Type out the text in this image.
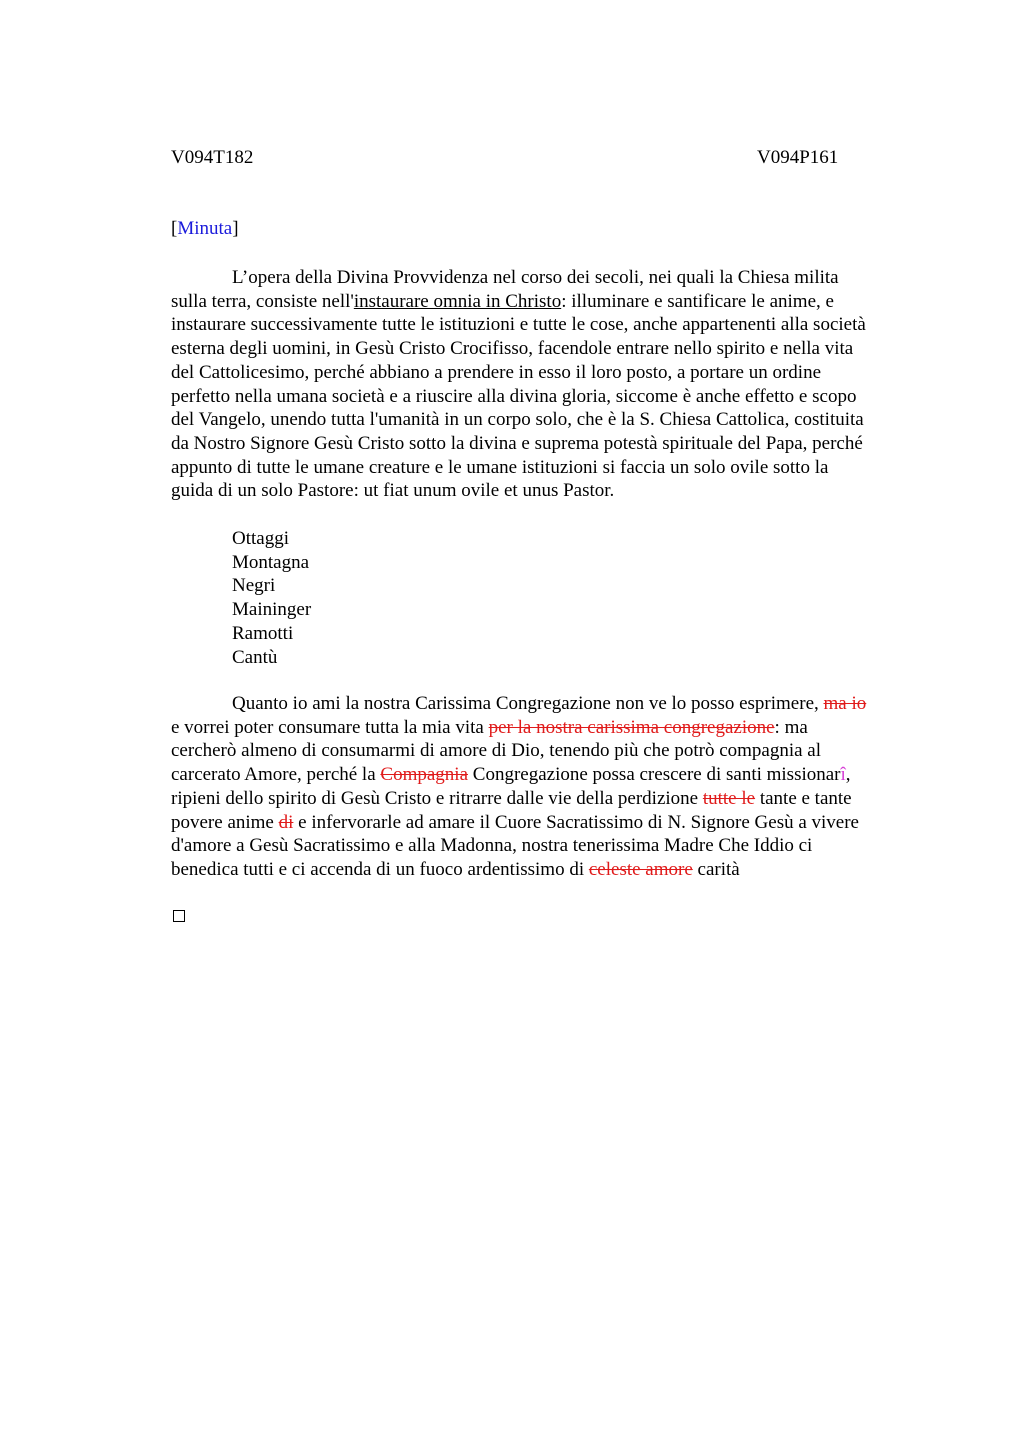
V094T182	V094P161
[Minuta]
L’opera della Divina Provvidenza nel corso dei secoli, nei quali la Chiesa milita
sulla terra, consiste nell'instaurare omnia in Christo: illuminare e santificare le anime, e
instaurare successivamente tutte le istituzioni e tutte le cose, anche appartenenti alla società
esterna degli uomini, in Gesù Cristo Crocifisso, facendole entrare nello spirito e nella vita
del Cattolicesimo, perché abbiano a prendere in esso il loro posto, a portare un ordine
perfetto nella umana società e a riuscire alla divina gloria, siccome è anche effetto e scopo
del Vangelo, unendo tutta l'umanità in un corpo solo, che è la S. Chiesa Cattolica, costituita
da Nostro Signore Gesù Cristo sotto la divina e suprema potestà spirituale del Papa, perché
appunto di tutte le umane creature e le umane istituzioni si faccia un solo ovile sotto la
guida di un solo Pastore: ut fiat unum ovile et unus Pastor.
Ottaggi
Montagna
Negri
Maininger
Ramotti
Cantù
Quanto io ami la nostra Carissima Congregazione non ve lo posso esprimere, ma io
e vorrei poter consumare tutta la mia vita per la nostra carissima congregazione: ma
cercherò almeno di consumarmi di amore di Dio, tenendo più che potrò compagnia al
carcerato Amore, perché la Compagnia Congregazione possa crescere di santi missionarî,
ripieni dello spirito di Gesù Cristo e ritrarre dalle vie della perdizione tutte le tante e tante
povere anime di e infervorarle ad amare il Cuore Sacratissimo di N. Signore Gesù a vivere
d'amore a Gesù Sacratissimo e alla Madonna, nostra tenerissima Madre Che Iddio ci
benedica tutti e ci accenda di un fuoco ardentissimo di celeste amore carità
